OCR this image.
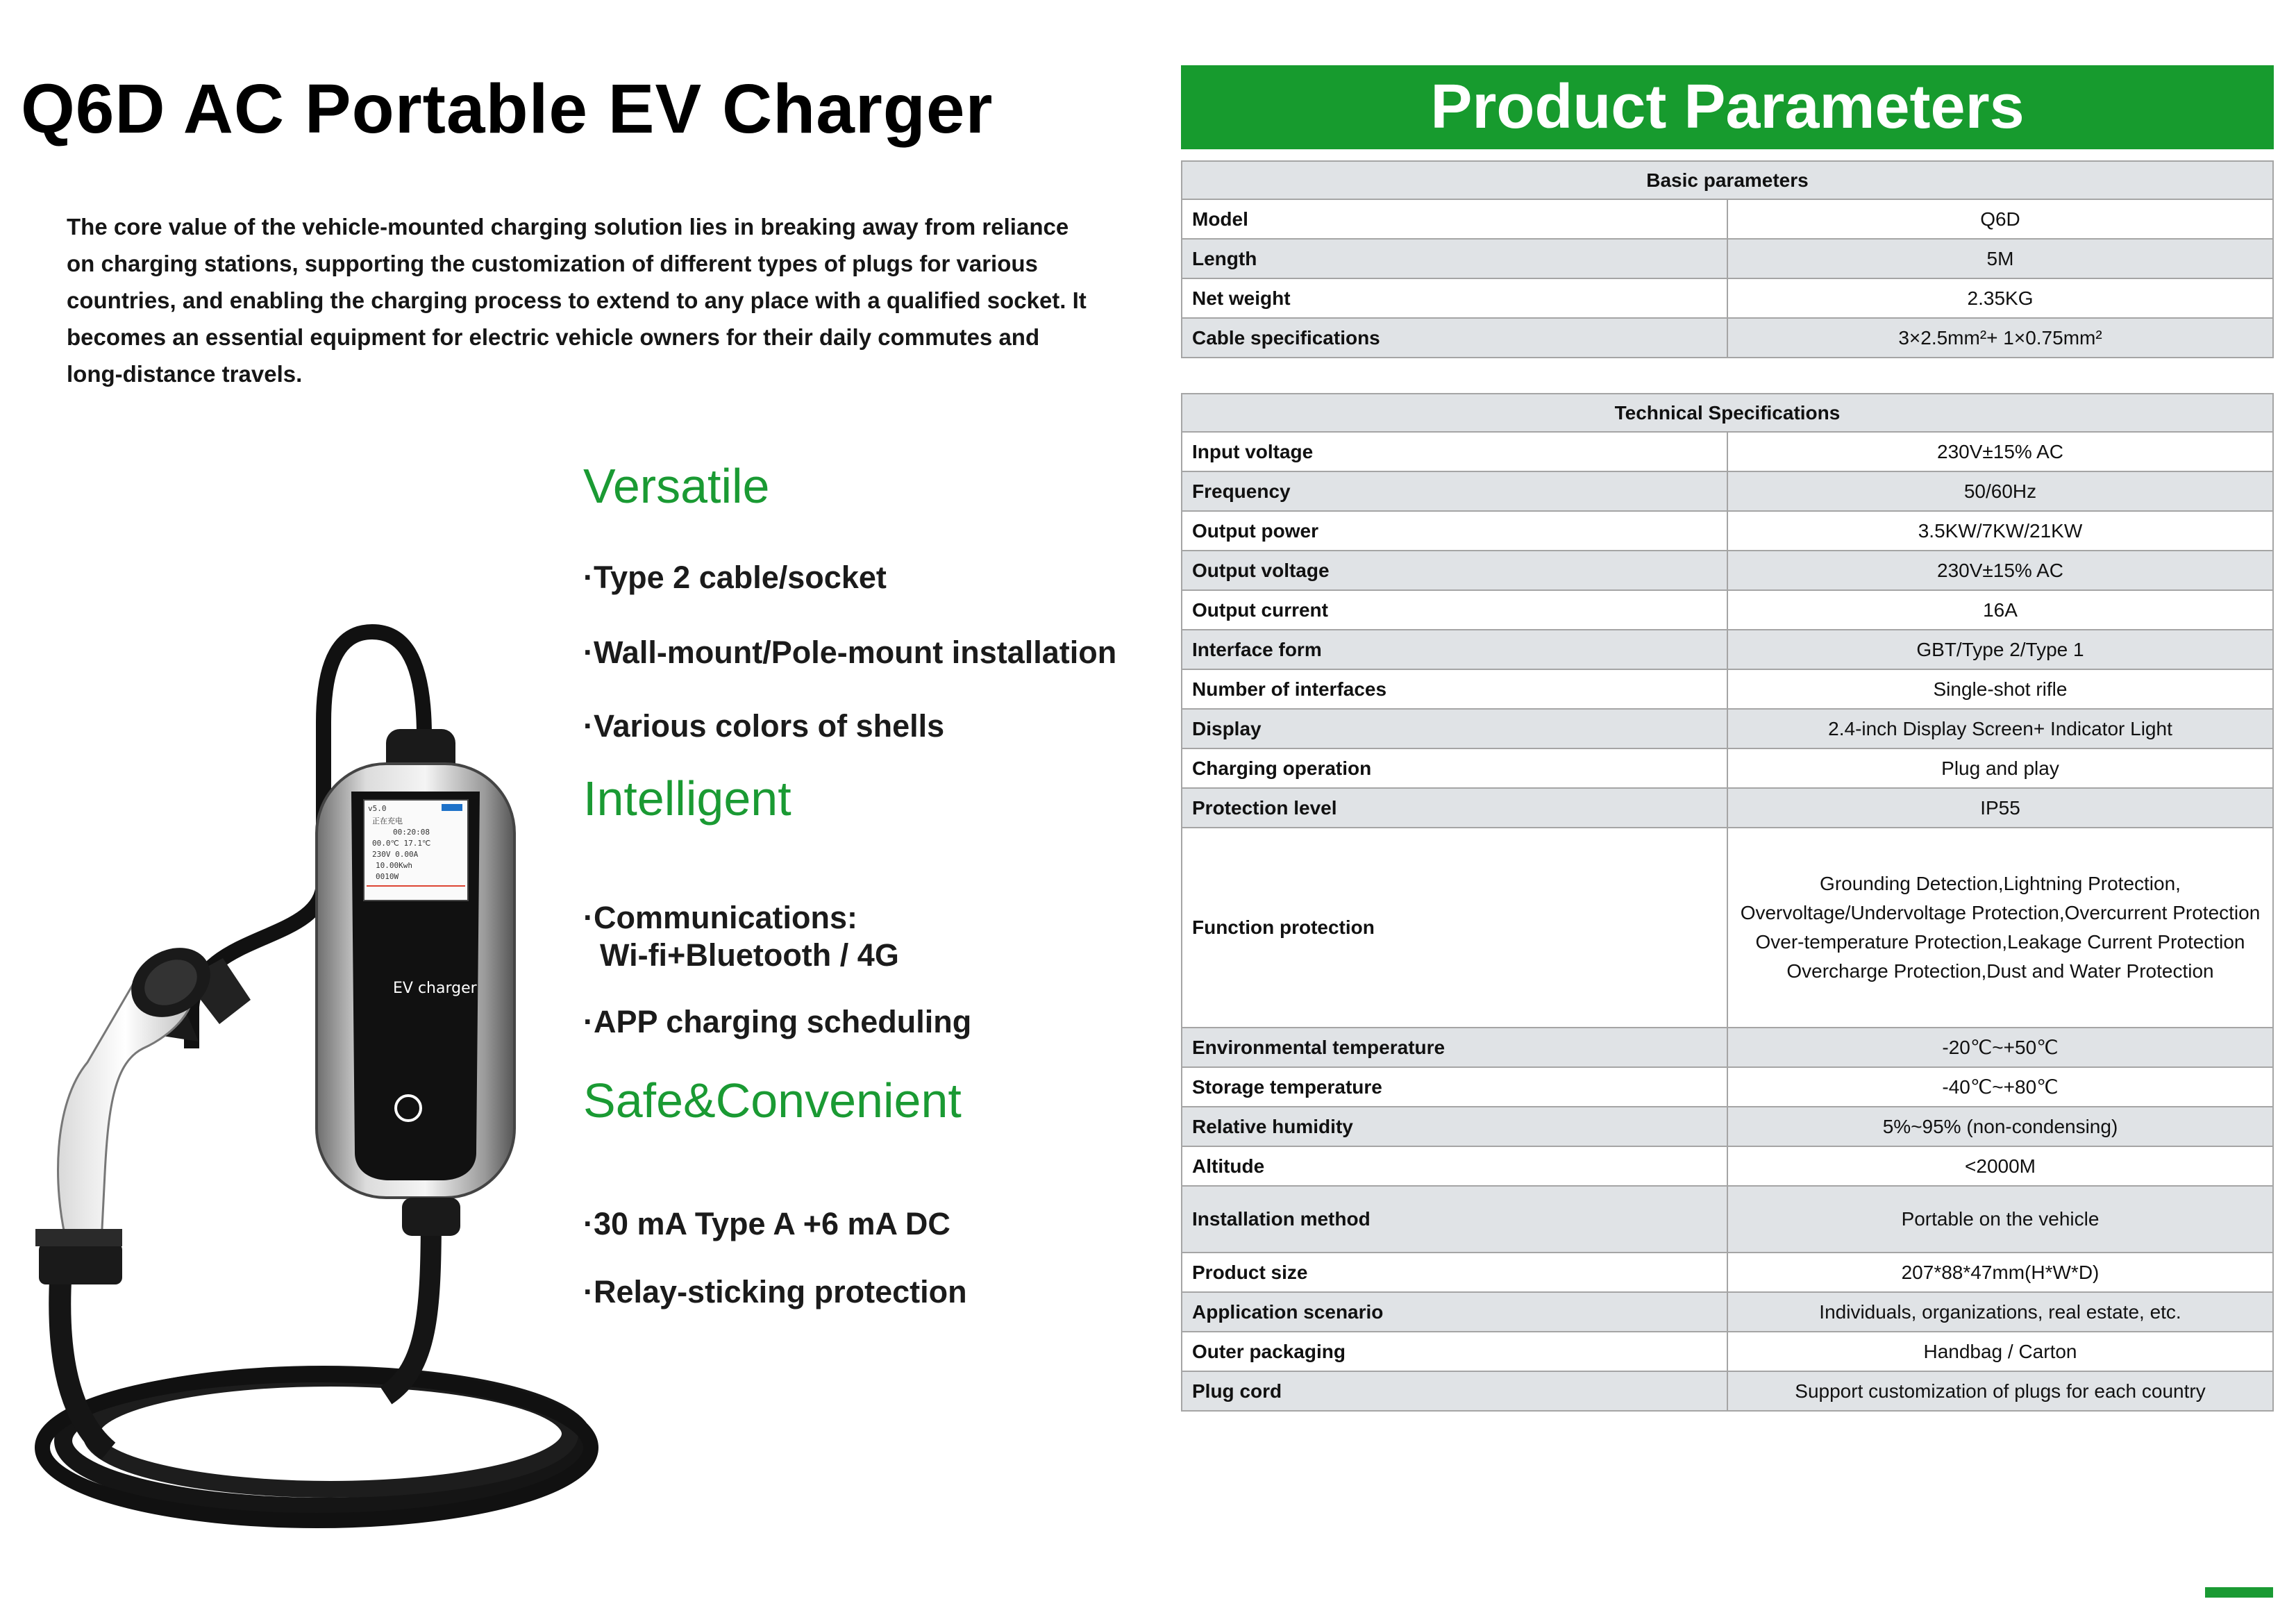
Q6D AC Portable EV Charger

The core value of the vehicle-mounted charging solution lies in breaking away from reliance on charging stations, supporting the customization of different types of plugs for various countries, and enabling the charging process to extend to any place with a qualified socket. It becomes an essential equipment for electric vehicle owners for their daily commutes and long-distance travels.

Versatile

·Type 2 cable/socket

·Wall-mount/Pole-mount installation

·Various colors of shells

Intelligent

·Communications:
Wi-fi+Bluetooth / 4G

·APP charging scheduling

Safe&Convenient

·30 mA Type A +6 mA DC

·Relay-sticking protection

v5.0
正在充电
00:20:08
00.0℃ 17.1℃
230V 0.00A
10.00Kwh
0010W
EV charger
Product Parameters
Basic parameters	
Model	Q6D
Length	5M
Net weight	2.35KG
Cable specifications	3×2.5mm²+ 1×0.75mm²
Technical Specifications	
Input voltage	230V±15% AC
Frequency	50/60Hz
Output power	3.5KW/7KW/21KW
Output voltage	230V±15% AC
Output current	16A
Interface form	GBT/Type 2/Type 1
Number of interfaces	Single-shot rifle
Display	2.4-inch Display Screen+ Indicator Light
Charging operation	Plug and play
Protection level	IP55
Function protection	Grounding Detection,Lightning Protection,
Overvoltage/Undervoltage Protection,Overcurrent Protection
Over-temperature Protection,Leakage Current Protection
Overcharge Protection,Dust and Water Protection

Environmental temperature	-20℃~+50℃
Storage temperature	-40℃~+80℃
Relative humidity	5%~95% (non-condensing)
Altitude	<2000M
Installation method	Portable on the vehicle
Product size	207*88*47mm(H*W*D)
Application scenario	Individuals, organizations, real estate, etc.
Outer packaging	Handbag / Carton
Plug cord	Support customization of plugs for each country
